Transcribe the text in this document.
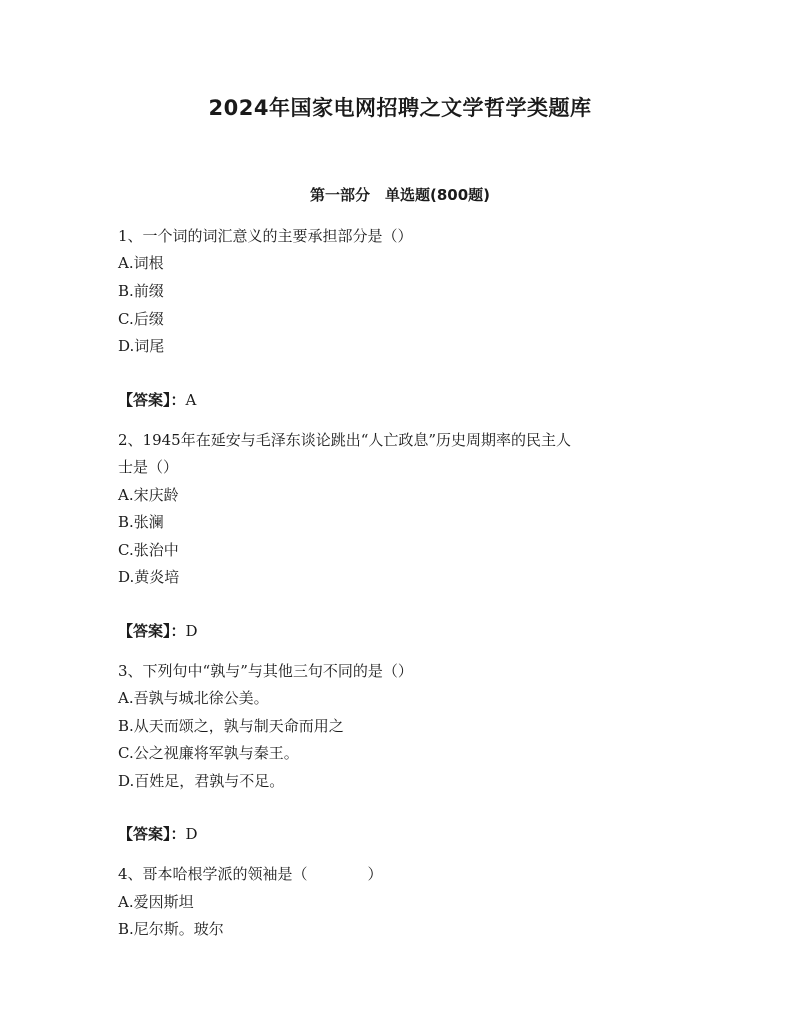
2024年国家电网招聘之文学哲学类题库
第一部分　单选题(800题)
1、一个词的词汇意义的主要承担部分是（）
A.词根
B.前缀
C.后缀
D.词尾
【答案】：A
2、1945年在延安与毛泽东谈论跳出“人亡政息”历史周期率的民主人
士是（）
A.宋庆龄
B.张澜
C.张治中
D.黄炎培
【答案】：D
3、下列句中“孰与”与其他三句不同的是（）
A.吾孰与城北徐公美。
B.从天而颂之，孰与制天命而用之
C.公之视廉将军孰与秦王。
D.百姓足，君孰与不足。
【答案】：D
4、哥本哈根学派的领袖是（　　　　）
A.爱因斯坦
B.尼尔斯。玻尔
